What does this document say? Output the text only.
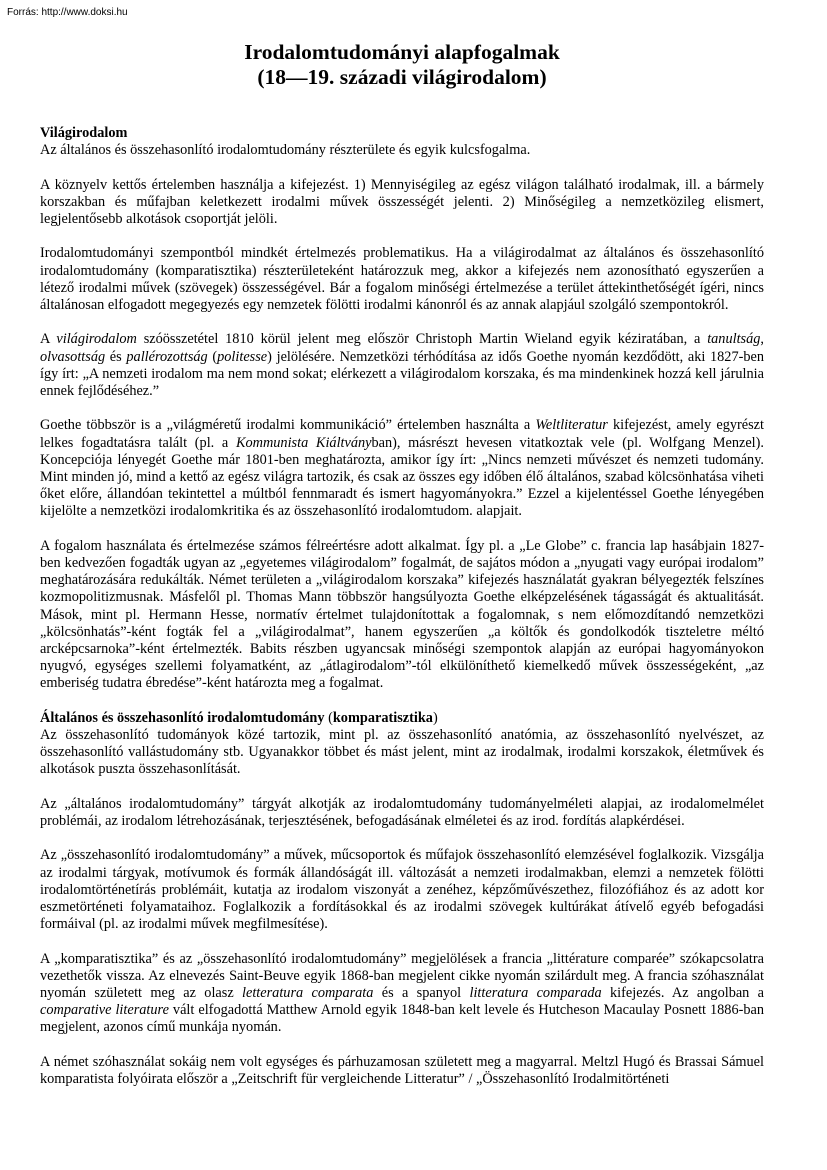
Forrás: http://www.doksi.hu
Irodalomtudományi alapfogalmak
(18—19. századi világirodalom)

Világirodalom

Az általános és összehasonlító irodalomtudomány részterülete és egyik kulcsfogalma.

A köznyelv kettős értelemben használja a kifejezést. 1) Mennyiségileg az egész világon található irodalmak, ill. a bármely korszakban és műfajban keletkezett irodalmi művek összességét jelenti. 2) Minőségileg a nemzetközileg elismert, legjelentősebb alkotások csoportját jelöli.

Irodalomtudományi szempontból mindkét értelmezés problematikus. Ha a világirodalmat az általános és összehasonlító irodalomtudomány (komparatisztika) részterületeként határozzuk meg, akkor a kifejezés nem azonosítható egyszerűen a létező irodalmi művek (szövegek) összességével. Bár a fogalom minőségi értelmezése a terület áttekinthetőségét ígéri, nincs általánosan elfogadott megegyezés egy nemzetek fölötti irodalmi kánonról és az annak alapjául szolgáló szempontokról.

A világirodalom szóösszetétel 1810 körül jelent meg először Christoph Martin Wieland egyik kéziratában, a tanultság, olvasottság és pallérozottság (politesse) jelölésére. Nemzetközi térhódítása az idős Goethe nyomán kezdődött, aki 1827-ben így írt: „A nemzeti irodalom ma nem mond sokat; elérkezett a világirodalom korszaka, és ma mindenkinek hozzá kell járulnia ennek fejlődéséhez.”

Goethe többször is a „világméretű irodalmi kommunikáció” értelemben használta a Weltliteratur kifejezést, amely egyrészt lelkes fogadtatásra talált (pl. a Kommunista Kiáltványban), másrészt hevesen vitatkoztak vele (pl. Wolfgang Menzel). Koncepciója lényegét Goethe már 1801-ben meghatározta, amikor így írt: „Nincs nemzeti művészet és nemzeti tudomány. Mint minden jó, mind a kettő az egész világra tartozik, és csak az összes egy időben élő általános, szabad kölcsönhatása viheti őket előre, állandóan tekintettel a múltból fennmaradt és ismert hagyományokra.” Ezzel a kijelentéssel Goethe lényegében kijelölte a nemzetközi irodalomkritika és az összehasonlító irodalomtudom. alapjait.

A fogalom használata és értelmezése számos félreértésre adott alkalmat. Így pl. a „Le Globe” c. francia lap hasábjain 1827-ben kedvezően fogadták ugyan az „egyetemes világirodalom” fogalmát, de sajátos módon a „nyugati vagy európai irodalom” meghatározására redukálták. Német területen a „világirodalom korszaka” kifejezés használatát gyakran bélyegezték felszínes kozmopolitizmusnak. Másfelől pl. Thomas Mann többször hangsúlyozta Goethe elképzelésének tágasságát és aktualitását. Mások, mint pl. Hermann Hesse, normatív értelmet tulajdonítottak a fogalomnak, s nem előmozdítandó nemzetközi „kölcsönhatás”-ként fogták fel a „világirodalmat”, hanem egyszerűen „a költők és gondolkodók tiszteletre méltó arcképcsarnoka”-ként értelmezték. Babits részben ugyancsak minőségi szempontok alapján az európai hagyományokon nyugvó, egységes szellemi folyamatként, az „átlagirodalom”-tól elkülöníthető kiemelkedő művek összességeként, „az emberiség tudatra ébredése”-ként határozta meg a fogalmat.

Általános és összehasonlító irodalomtudomány (komparatisztika)

Az összehasonlító tudományok közé tartozik, mint pl. az összehasonlító anatómia, az összehasonlító nyelvészet, az összehasonlító vallástudomány stb. Ugyanakkor többet és mást jelent, mint az irodalmak, irodalmi korszakok, életművek és alkotások puszta összehasonlítását.

Az „általános irodalomtudomány” tárgyát alkotják az irodalomtudomány tudományelméleti alapjai, az irodalomelmélet problémái, az irodalom létrehozásának, terjesztésének, befogadásának elméletei és az irod. fordítás alapkérdései.

Az „összehasonlító irodalomtudomány” a művek, műcsoportok és műfajok összehasonlító elemzésével foglalkozik. Vizsgálja az irodalmi tárgyak, motívumok és formák állandóságát ill. változását a nemzeti irodalmakban, elemzi a nemzetek fölötti irodalomtörténetírás problémáit, kutatja az irodalom viszonyát a zenéhez, képzőművészethez, filozófiához és az adott kor eszmetörténeti folyamataihoz. Foglalkozik a fordításokkal és az irodalmi szövegek kultúrákat átívelő egyéb befogadási formáival (pl. az irodalmi művek megfilmesítése).

A „komparatisztika” és az „összehasonlító irodalomtudomány” megjelölések a francia „littérature comparée” szókapcsolatra vezethetők vissza. Az elnevezés Saint-Beuve egyik 1868-ban megjelent cikke nyomán szilárdult meg. A francia szóhasználat nyomán született meg az olasz letteratura comparata és a spanyol litteratura comparada kifejezés. Az angolban a comparative literature vált elfogadottá Matthew Arnold egyik 1848-ban kelt levele és Hutcheson Macaulay Posnett 1886-ban megjelent, azonos című munkája nyomán.

A német szóhasználat sokáig nem volt egységes és párhuzamosan született meg a magyarral. Meltzl Hugó és Brassai Sámuel komparatista folyóirata először a „Zeitschrift für vergleichende Litteratur” / „Összehasonlító Irodalmitörténeti
